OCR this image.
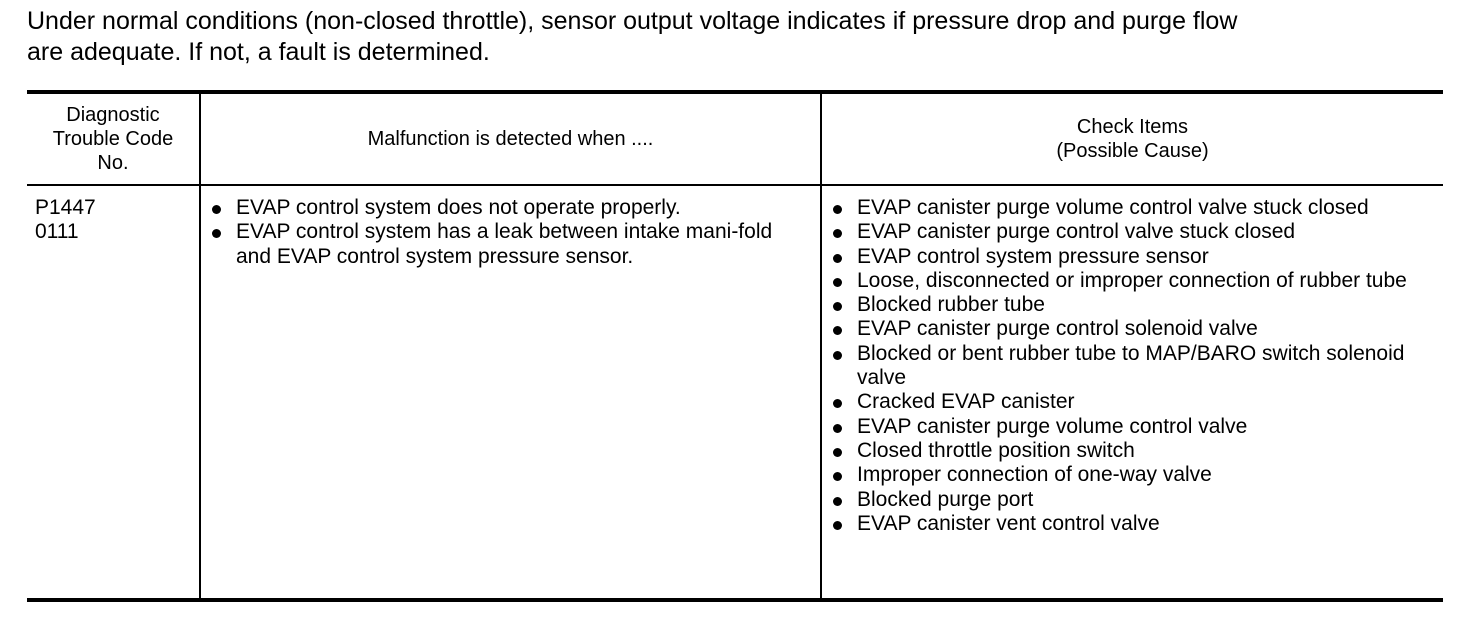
Under normal conditions (non-closed throttle), sensor output voltage indicates if pressure drop and purge flow
are adequate. If not, a fault is determined.

Diagnostic
Trouble Code
No.
Malfunction is detected when ....
Check Items
(Possible Cause)
P1447
0111
EVAP control system does not operate properly.
EVAP control system has a leak between intake mani-fold and EVAP control system pressure sensor.
EVAP canister purge volume control valve stuck closed
EVAP canister purge control valve stuck closed
EVAP control system pressure sensor
Loose, disconnected or improper connection of rubber tube
Blocked rubber tube
EVAP canister purge control solenoid valve
Blocked or bent rubber tube to MAP/BARO switch solenoid valve
Cracked EVAP canister
EVAP canister purge volume control valve
Closed throttle position switch
Improper connection of one-way valve
Blocked purge port
EVAP canister vent control valve
